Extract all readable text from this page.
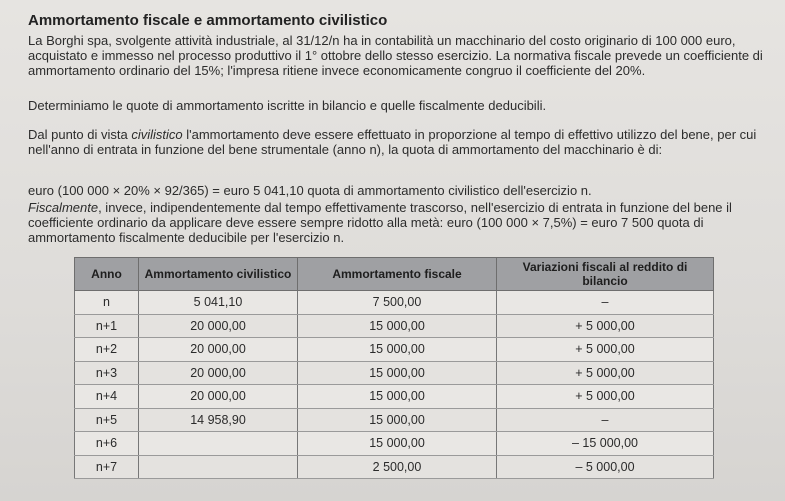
Ammortamento fiscale e ammortamento civilistico
La Borghi spa, svolgente attività industriale, al 31/12/n ha in contabilità un macchinario del costo originario di 100 000 euro, acquistato e immesso nel processo produttivo il 1° ottobre dello stesso esercizio. La normativa fiscale prevede un coefficiente di ammortamento ordinario del 15%; l'impresa ritiene invece economicamente congruo il coefficiente del 20%.
Determiniamo le quote di ammortamento iscritte in bilancio e quelle fiscalmente deducibili.
Dal punto di vista civilistico l'ammortamento deve essere effettuato in proporzione al tempo di effettivo utilizzo del bene, per cui nell'anno di entrata in funzione del bene strumentale (anno n), la quota di ammortamento del macchinario è di:
euro (100 000 × 20% × 92/365) = euro 5 041,10 quota di ammortamento civilistico dell'esercizio n.
Fiscalmente, invece, indipendentemente dal tempo effettivamente trascorso, nell'esercizio di entrata in funzione del bene il coefficiente ordinario da applicare deve essere sempre ridotto alla metà: euro (100 000 × 7,5%) = euro 7 500 quota di ammortamento fiscalmente deducibile per l'esercizio n.
Anno	Ammortamento civilistico	Ammortamento fiscale	Variazioni fiscali al reddito di bilancio
n	5 041,10	7 500,00	–
n+1	20 000,00	15 000,00	+ 5 000,00
n+2	20 000,00	15 000,00	+ 5 000,00
n+3	20 000,00	15 000,00	+ 5 000,00
n+4	20 000,00	15 000,00	+ 5 000,00
n+5	14 958,90	15 000,00	–
n+6		15 000,00	– 15 000,00
n+7		2 500,00	– 5 000,00
